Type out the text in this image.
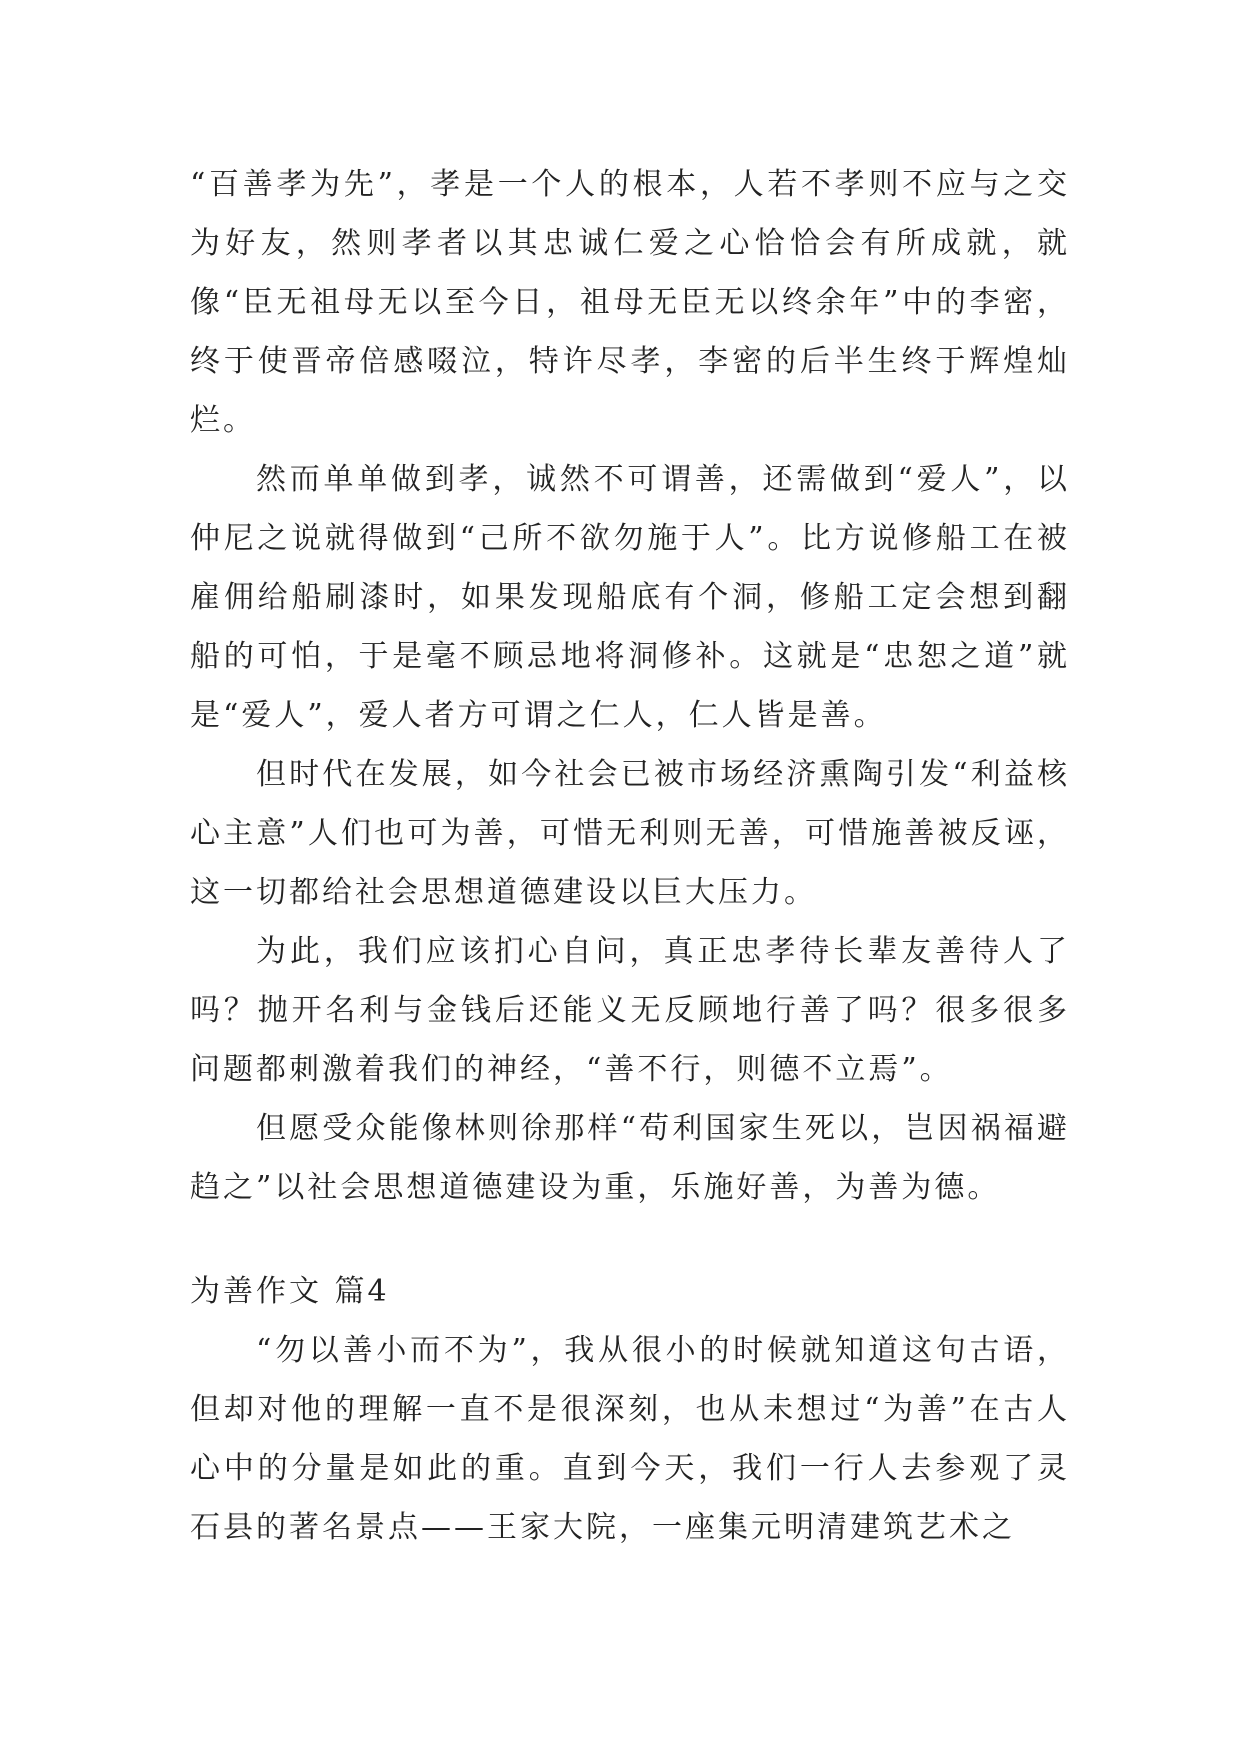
“百善孝为先”，孝是一个人的根本，人若不孝则不应与之交为好友，然则孝者以其忠诚仁爱之心恰恰会有所成就，就像“臣无祖母无以至今日，祖母无臣无以终余年”中的李密，终于使晋帝倍感啜泣，特许尽孝，李密的后半生终于辉煌灿烂。

然而单单做到孝，诚然不可谓善，还需做到“爱人”，以仲尼之说就得做到“己所不欲勿施于人”。比方说修船工在被雇佣给船刷漆时，如果发现船底有个洞，修船工定会想到翻船的可怕，于是毫不顾忌地将洞修补。这就是“忠恕之道”就是“爱人”，爱人者方可谓之仁人，仁人皆是善。

但时代在发展，如今社会已被市场经济熏陶引发“利益核心主意”人们也可为善，可惜无利则无善，可惜施善被反诬，这一切都给社会思想道德建设以巨大压力。

为此，我们应该扪心自问，真正忠孝待长辈友善待人了吗？抛开名利与金钱后还能义无反顾地行善了吗？很多很多问题都刺激着我们的神经，“善不行，则德不立焉”。

但愿受众能像林则徐那样“苟利国家生死以，岂因祸福避趋之”以社会思想道德建设为重，乐施好善，为善为德。

为善作文 篇4

“勿以善小而不为”，我从很小的时候就知道这句古语，但却对他的理解一直不是很深刻，也从未想过“为善”在古人心中的分量是如此的重。直到今天，我们一行人去参观了灵石县的著名景点——王家大院，一座集元明清建筑艺术之
